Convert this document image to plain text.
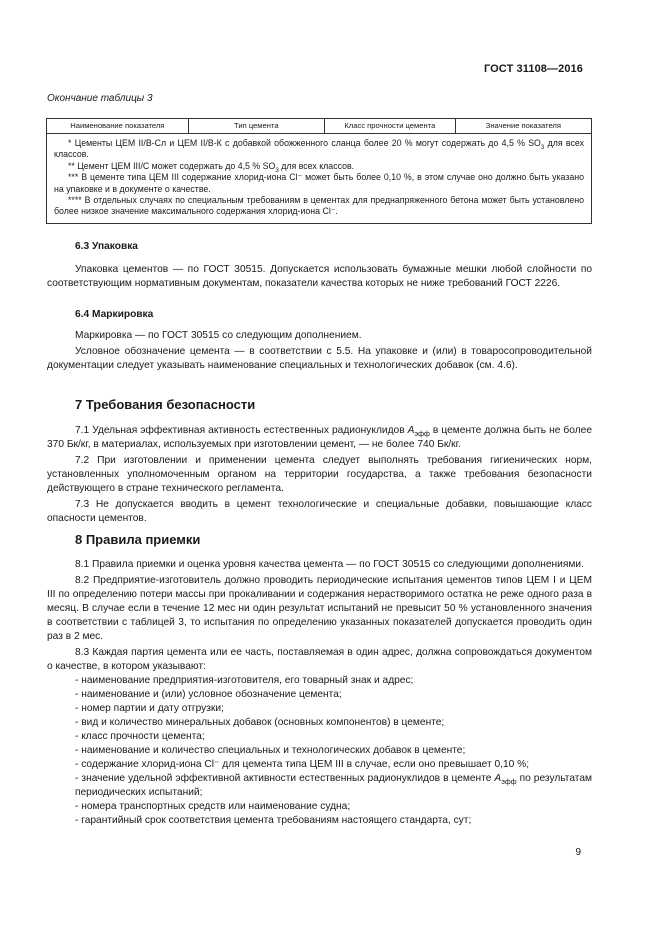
ГОСТ 31108—2016
Окончание таблицы 3
Наименование показателя	Тип цемента	Класс прочности цемента	Значение показателя

* Цементы ЦЕМ II/В-Сл и ЦЕМ II/В-К с добавкой обожженного сланца более 20 % могут содержать до 4,5 % $SO_3$ для всех классов.

** Цемент ЦЕМ III/С может содержать до 4,5 % $SO_3$ для всех классов.

*** В цементе типа ЦЕМ III содержание хлорид-иона Cl⁻ может быть более 0,10 %, в этом случае оно должно быть указано на упаковке и в документе о качестве.

**** В отдельных случаях по специальным требованиям в цементах для преднапряженного бетона может быть установлено более низкое значение максимального содержания хлорид-иона Cl⁻.

6.3 Упаковка

Упаковка цементов — по ГОСТ 30515. Допускается использовать бумажные мешки любой слойности по соответствующим нормативным документам, показатели качества которых не ниже требований ГОСТ 2226.

6.4 Маркировка

Маркировка — по ГОСТ 30515 со следующим дополнением.

Условное обозначение цемента — в соответствии с 5.5. На упаковке и (или) в товаросопроводительной документации следует указывать наименование специальных и технологических добавок (см. 4.6).

7 Требования безопасности

7.1 Удельная эффективная активность естественных радионуклидов $A_{эфф}$ в цементе должна быть не более 370 Бк/кг, в материалах, используемых при изготовлении цемент, — не более 740 Бк/кг.

7.2 При изготовлении и применении цемента следует выполнять требования гигиенических норм, установленных уполномоченным органом на территории государства, а также требования безопасности действующего в стране технического регламента.

7.3 Не допускается вводить в цемент технологические и специальные добавки, повышающие класс опасности цементов.

8 Правила приемки

8.1 Правила приемки и оценка уровня качества цемента — по ГОСТ 30515 со следующими дополнениями.

8.2 Предприятие-изготовитель должно проводить периодические испытания цементов типов ЦЕМ I и ЦЕМ III по определению потери массы при прокаливании и содержания нерастворимого остатка не реже одного раза в месяц. В случае если в течение 12 мес ни один результат испытаний не превысит 50 % установленного значения в соответствии с таблицей 3, то испытания по определению указанных показателей допускается проводить один раз в 2 мес.

8.3 Каждая партия цемента или ее часть, поставляемая в один адрес, должна сопровождаться документом о качестве, в котором указывают:

- наименование предприятия-изготовителя, его товарный знак и адрес;

- наименование и (или) условное обозначение цемента;

- номер партии и дату отгрузки;

- вид и количество минеральных добавок (основных компонентов) в цементе;

- класс прочности цемента;

- наименование и количество специальных и технологических добавок в цементе;

- содержание хлорид-иона Cl⁻ для цемента типа ЦЕМ III в случае, если оно превышает 0,10 %;

- значение удельной эффективной активности естественных радионуклидов в цементе $A_{эфф}$ по результатам периодических испытаний;

- номера транспортных средств или наименование судна;

- гарантийный срок соответствия цемента требованиям настоящего стандарта, сут;

9
